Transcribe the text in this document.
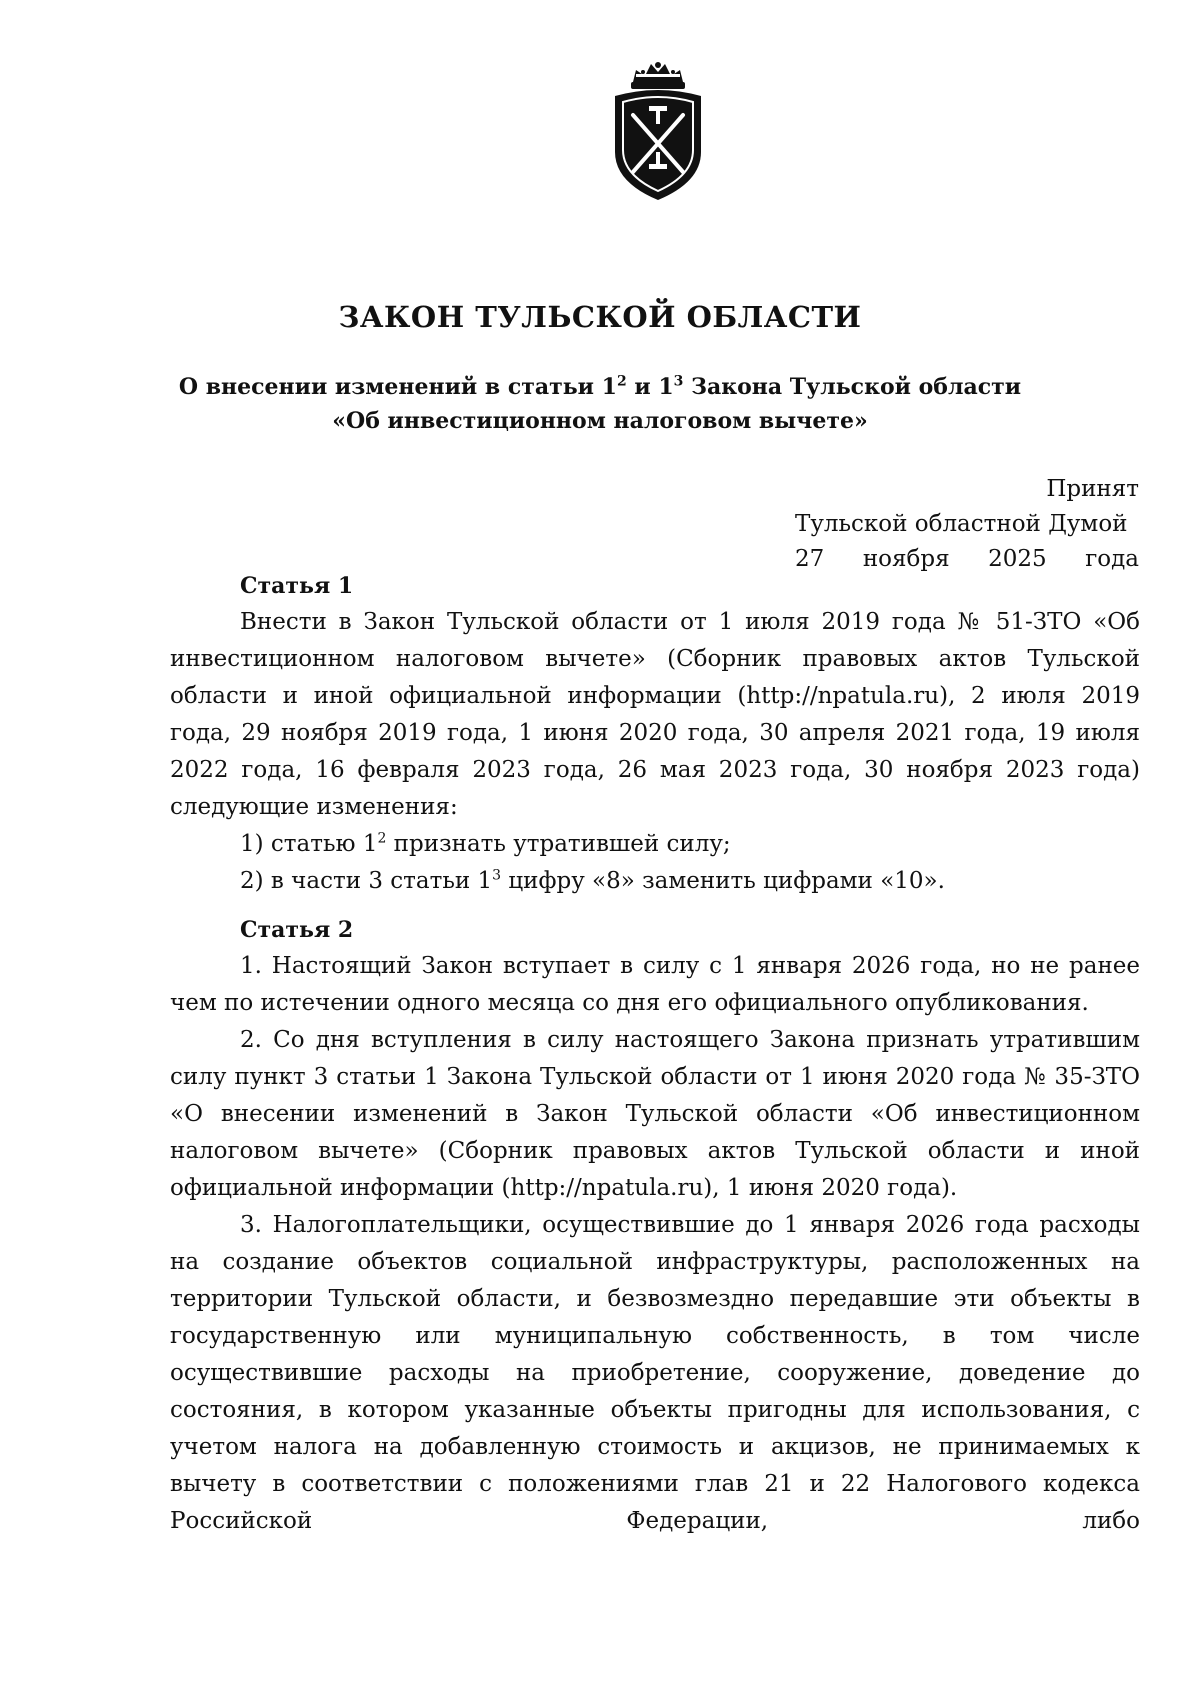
ЗАКОН ТУЛЬСКОЙ ОБЛАСТИ
О внесении изменений в статьи $1^2$ и $1^3$ Закона Тульской области
«Об инвестиционном налоговом вычете»
Принят
Тульской областной Думой
27 ноября 2025 года
Статья 1

Внести в Закон Тульской области от 1 июля 2019 года № 51-ЗТО «Об инвестиционном налоговом вычете» (Сборник правовых актов Тульской области и иной официальной информации (http://npatula.ru), 2 июля 2019 года, 29 ноября 2019 года, 1 июня 2020 года, 30 апреля 2021 года, 19 июля 2022 года, 16 февраля 2023 года, 26 мая 2023 года, 30 ноября 2023 года) следующие изменения:

1) статью $1^2$ признать утратившей силу;

2) в части 3 статьи $1^3$ цифру «8» заменить цифрами «10».

Статья 2

1. Настоящий Закон вступает в силу с 1 января 2026 года, но не ранее чем по истечении одного месяца со дня его официального опубликования.

2. Со дня вступления в силу настоящего Закона признать утратившим силу пункт 3 статьи 1 Закона Тульской области от 1 июня 2020 года № 35-ЗТО «О внесении изменений в Закон Тульской области «Об инвестиционном налоговом вычете» (Сборник правовых актов Тульской области и иной официальной информации (http://npatula.ru), 1 июня 2020 года).

3. Налогоплательщики, осуществившие до 1 января 2026 года расходы на создание объектов социальной инфраструктуры, расположенных на территории Тульской области, и безвозмездно передавшие эти объекты в государственную или муниципальную собственность, в том числе осуществившие расходы на приобретение, сооружение, доведение до состояния, в котором указанные объекты пригодны для использования, с учетом налога на добавленную стоимость и акцизов, не принимаемых к вычету в соответствии с положениями глав 21 и 22 Налогового кодекса Российской Федерации, либо
